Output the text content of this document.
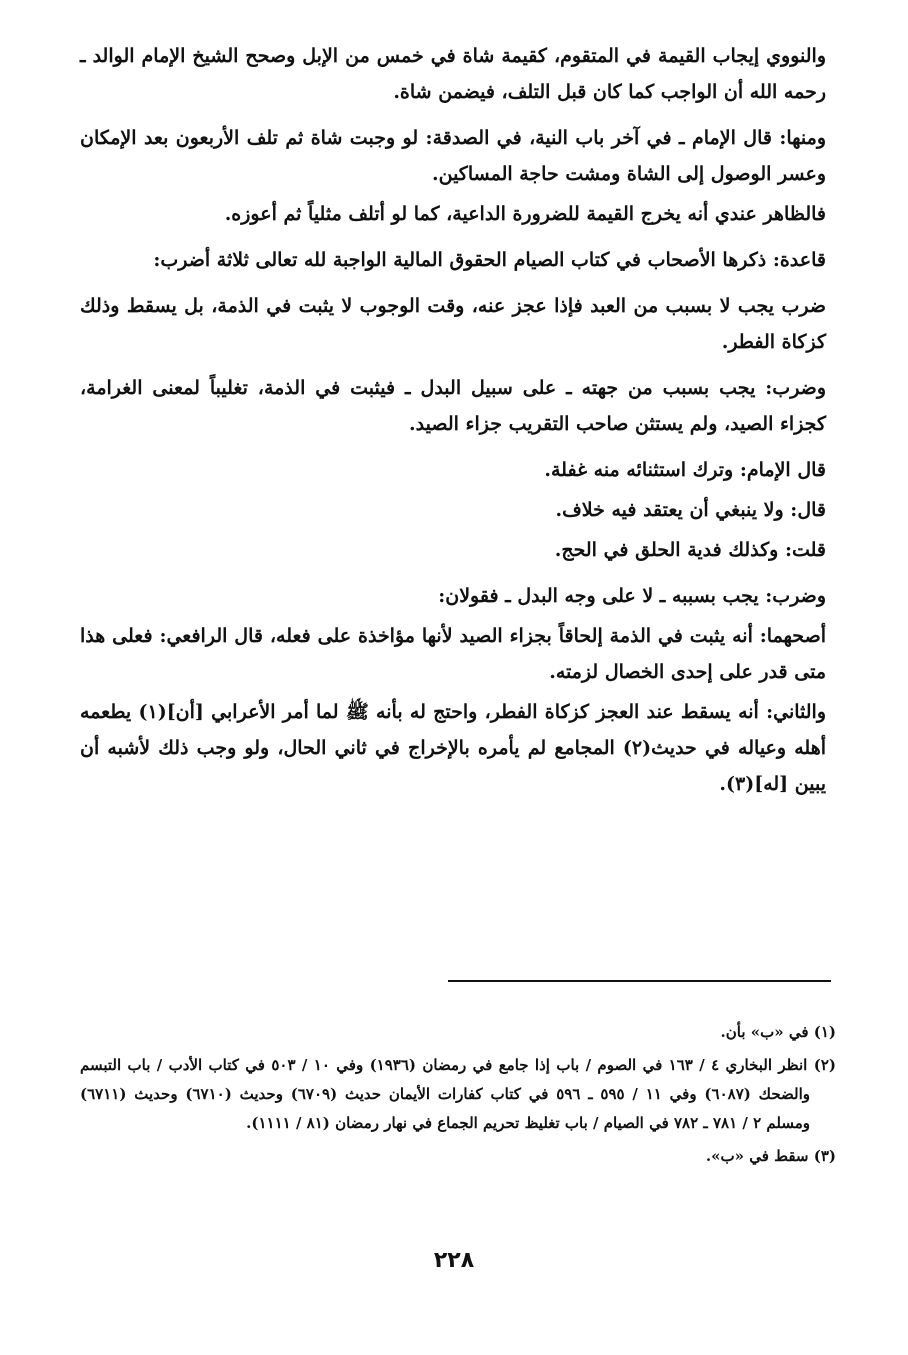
والنووي إيجاب القيمة في المتقوم، كقيمة شاة في خمس من الإبل وصحح الشيخ الإمام الوالد ـ رحمه الله أن الواجب كما كان قبل التلف، فيضمن شاة.

ومنها: قال الإمام ـ في آخر باب النية، في الصدقة: لو وجبت شاة ثم تلف الأربعون بعد الإمكان وعسر الوصول إلى الشاة ومشت حاجة المساكين.

فالظاهر عندي أنه يخرج القيمة للضرورة الداعية، كما لو أتلف مثلياً ثم أعوزه.

قاعدة: ذكرها الأصحاب في كتاب الصيام الحقوق المالية الواجبة لله تعالى ثلاثة أضرب:

ضرب يجب لا بسبب من العبد فإذا عجز عنه، وقت الوجوب لا يثبت في الذمة، بل يسقط وذلك كزكاة الفطر.

وضرب: يجب بسبب من جهته ـ على سبيل البدل ـ فيثبت في الذمة، تغليباً لمعنى الغرامة، كجزاء الصيد، ولم يستثن صاحب التقريب جزاء الصيد.

قال الإمام: وترك استثنائه منه غفلة.

قال: ولا ينبغي أن يعتقد فيه خلاف.

قلت: وكذلك فدية الحلق في الحج.

وضرب: يجب بسببه ـ لا على وجه البدل ـ فقولان:

أصحهما: أنه يثبت في الذمة إلحاقاً بجزاء الصيد لأنها مؤاخذة على فعله، قال الرافعي: فعلى هذا متى قدر على إحدى الخصال لزمته.

والثاني: أنه يسقط عند العجز كزكاة الفطر، واحتج له بأنه ﷺ لما أمر الأعرابي [أن](١) يطعمه أهله وعياله في حديث(٢) المجامع لم يأمره بالإخراج في ثاني الحال، ولو وجب ذلك لأشبه أن يبين [له](٣).

(١) في «ب» بأن.

(٢) انظر البخاري ٤ / ١٦٣ في الصوم / باب إذا جامع في رمضان (١٩٣٦) وفي ١٠ / ٥٠٣ في كتاب الأدب / باب التبسم والضحك (٦٠٨٧) وفي ١١ / ٥٩٥ ـ ٥٩٦ في كتاب كفارات الأيمان حديث (٦٧٠٩) وحديث (٦٧١٠) وحديث (٦٧١١) ومسلم ٢ / ٧٨١ ـ ٧٨٢ في الصيام / باب تغليظ تحريم الجماع في نهار رمضان (٨١ / ١١١١).

(٣) سقط في «ب».

٢٢٨
